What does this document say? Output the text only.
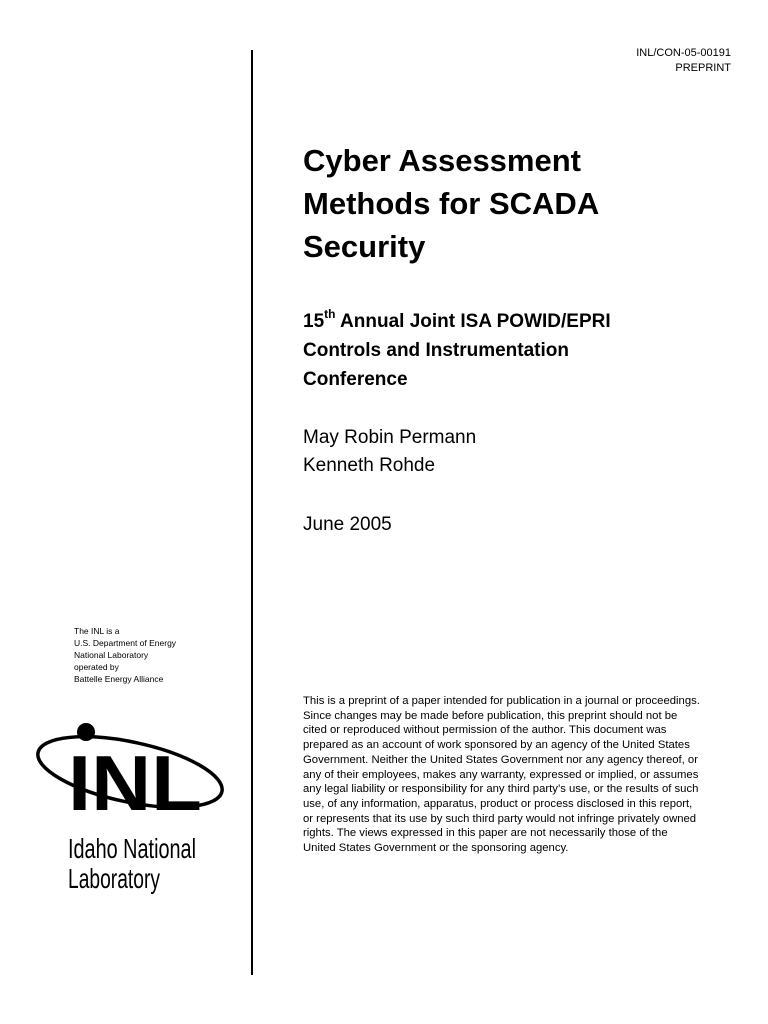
INL/CON-05-00191
PREPRINT
Cyber Assessment
Methods for SCADA
Security
15th Annual Joint ISA POWID/EPRI
Controls and Instrumentation
Conference
May Robin Permann
Kenneth Rohde
June 2005
The INL is a
U.S. Department of Energy
National Laboratory
operated by
Battelle Energy Alliance
INL
Idaho National
Laboratory

This is a preprint of a paper intended for publication in a journal or proceedings. Since changes may be made before publication, this preprint should not be cited or reproduced without permission of the author. This document was prepared as an account of work sponsored by an agency of the United States Government. Neither the United States Government nor any agency thereof, or any of their employees, makes any warranty, expressed or implied, or assumes any legal liability or responsibility for any third party’s use, or the results of such use, of any information, apparatus, product or process disclosed in this report, or represents that its use by such third party would not infringe privately owned rights. The views expressed in this paper are not necessarily those of the United States Government or the sponsoring agency.
